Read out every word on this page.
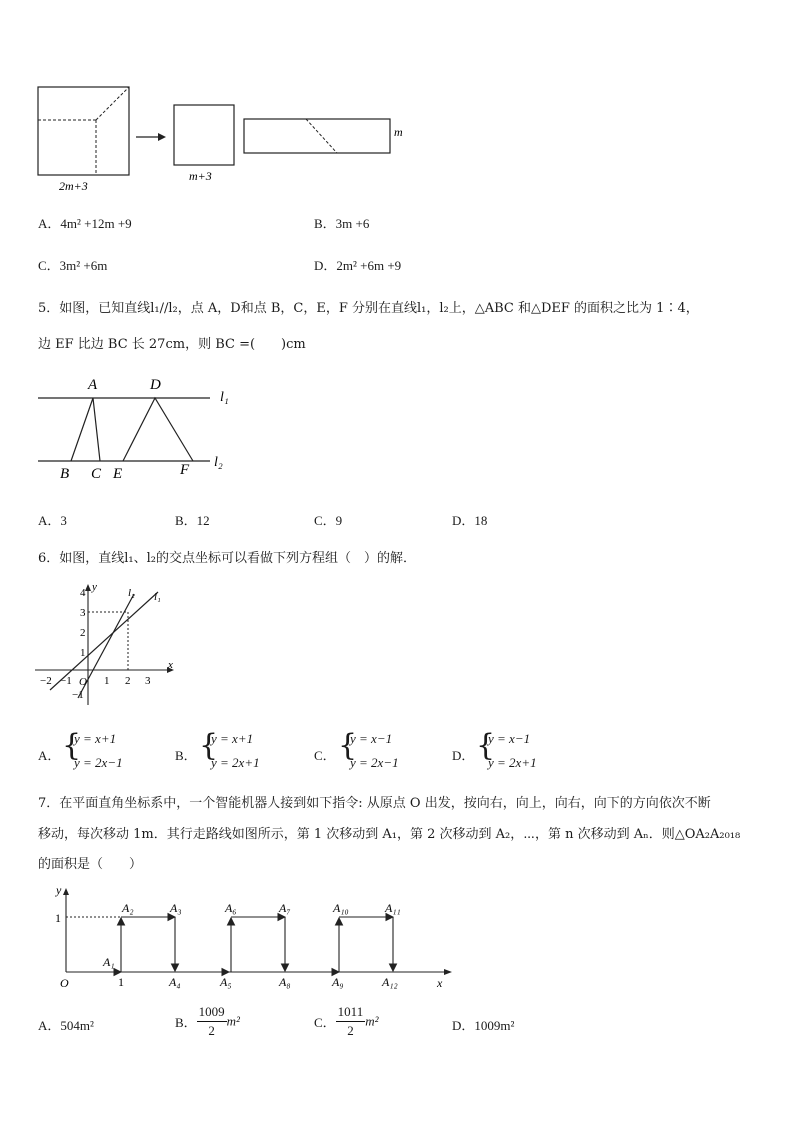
2m+3
m+3
m
A．4m² +12m +9	B．3m +6
C．3m² +6m	D．2m² +6m +9
5．如图，已知直线l₁//l₂，点 A，D和点 B，C，E，F 分别在直线l₁，l₂上，△ABC 和△DEF 的面积之比为 1∶4，
边 EF 比边 BC 长 27cm，则 BC =(　　)cm
A	D
B C E	F
l₁
l₂
A．3	B．12	C．9	D．18
6．如图，直线l₁、l₂的交点坐标可以看做下列方程组（　）的解．
x
y
O
−2 −1	1 2 3
4
3
2
1
−1
l₂ l₁
A． {
y = x+1
y = 2x−1	B． {
y = x+1
y = 2x+1	C． {
y = x−1
y = 2x−1	D． {
y = x−1
y = 2x+1
7．在平面直角坐标系中，一个智能机器人接到如下指令: 从原点 O 出发，按向右，向上，向右，向下的方向依次不断
移动，每次移动 1m．其行走路线如图所示，第 1 次移动到 A₁，第 2 次移动到 A₂，⋯，第 n 次移动到 Aₙ．则△OA₂A₂₀₁₈
的面积是（　　）
y
x
O
1
1
A₂	A₃	A₆	A₇	A₁₀	A₁₁
A₁
A₄	A₅	A₈	A₉	A₁₂
A．504m²	B． $\frac{1009}{2} m^2$	C． $\frac{1011}{2} m^2$	D．1009m²
